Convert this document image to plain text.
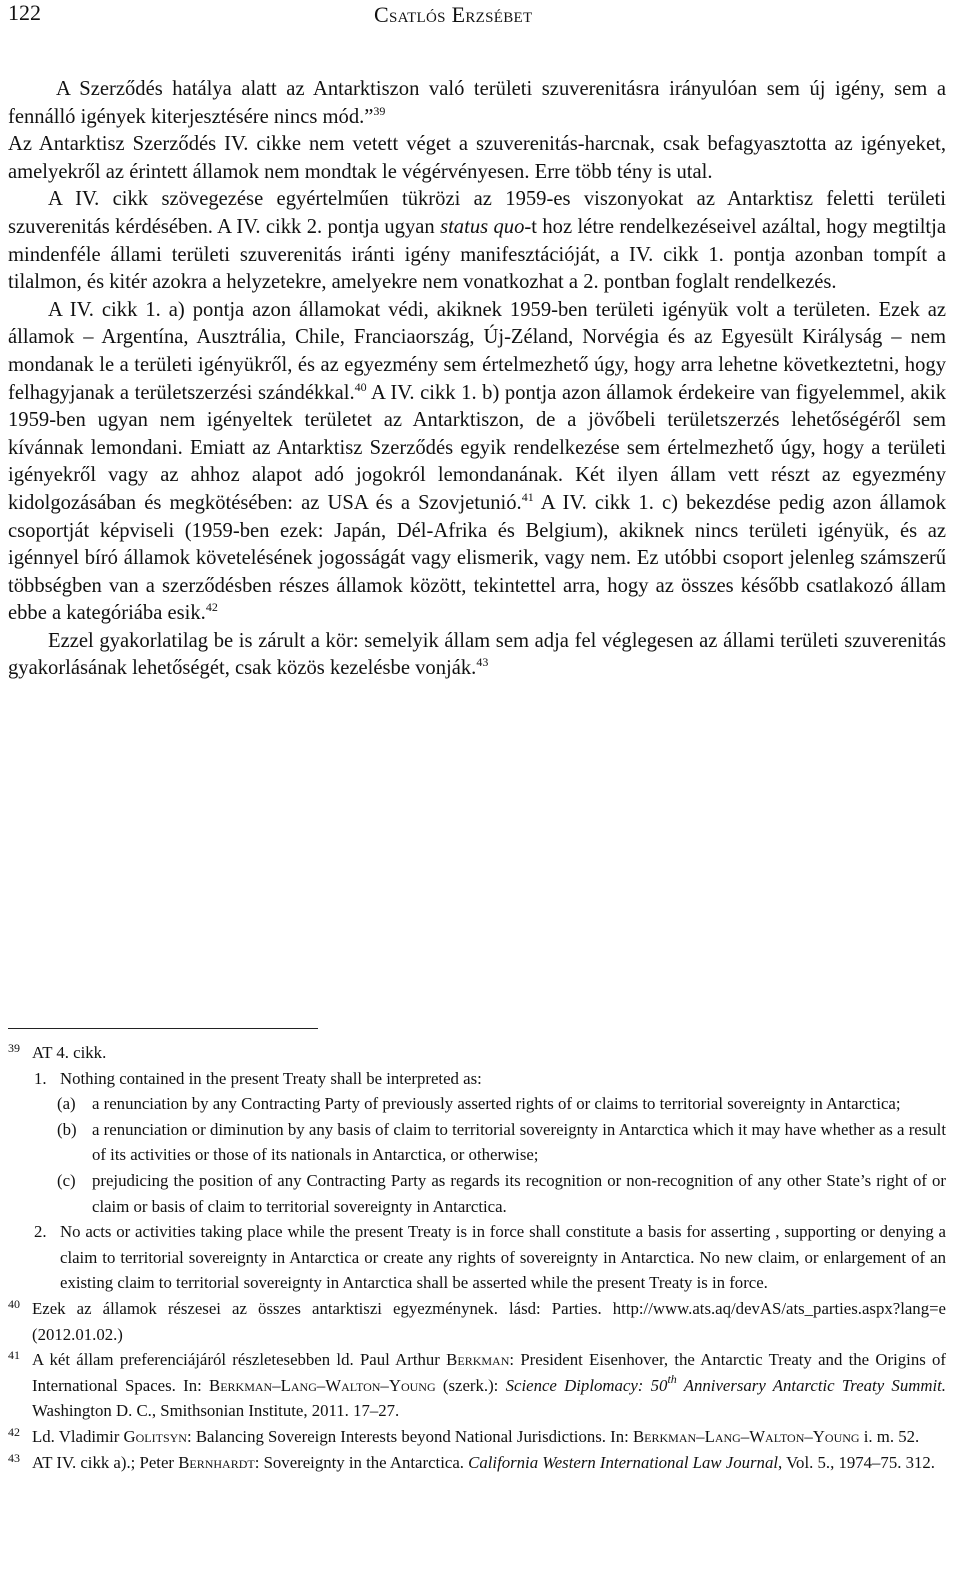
122	Csatlós Erzsébet

A Szerződés hatálya alatt az Antarktiszon való területi szuverenitásra irányulóan sem új igény, sem a fennálló igények kiterjesztésére nincs mód.”$^{39}$

Az Antarktisz Szerződés IV. cikke nem vetett véget a szuverenitás-harcnak, csak befagyasztotta az igényeket, amelyekről az érintett államok nem mondtak le végérvényesen. Erre több tény is utal.

A IV. cikk szövegezése egyértelműen tükrözi az 1959-es viszonyokat az Antarktisz feletti területi szuverenitás kérdésében. A IV. cikk 2. pontja ugyan status quo-t hoz létre rendelkezéseivel azáltal, hogy megtiltja mindenféle állami területi szuverenitás iránti igény manifesztációját, a IV. cikk 1. pontja azonban tompít a tilalmon, és kitér azokra a helyzetekre, amelyekre nem vonatkozhat a 2. pontban foglalt rendelkezés.

A IV. cikk 1. a) pontja azon államokat védi, akiknek 1959-ben területi igényük volt a területen. Ezek az államok – Argentína, Ausztrália, Chile, Franciaország, Új-Zéland, Norvégia és az Egyesült Királyság – nem mondanak le a területi igényükről, és az egyezmény sem értelmezhető úgy, hogy arra lehetne következtetni, hogy felhagyjanak a területszerzési szándékkal.$^{40}$ A IV. cikk 1. b) pontja azon államok érdekeire van figyelemmel, akik 1959-ben ugyan nem igényeltek területet az Antarktiszon, de a jövőbeli területszerzés lehetőségéről sem kívánnak lemondani. Emiatt az Antarktisz Szerződés egyik rendelkezése sem értelmezhető úgy, hogy a területi igényekről vagy az ahhoz alapot adó jogokról lemondanának. Két ilyen állam vett részt az egyezmény kidolgozásában és megkötésében: az USA és a Szovjetunió.$^{41}$ A IV. cikk 1. c) bekezdése pedig azon államok csoportját képviseli (1959-ben ezek: Japán, Dél-Afrika és Belgium), akiknek nincs területi igényük, és az igénnyel bíró államok követelésének jogosságát vagy elismerik, vagy nem. Ez utóbbi csoport jelenleg számszerű többségben van a szerződésben részes államok között, tekintettel arra, hogy az összes később csatlakozó állam ebbe a kategóriába esik.$^{42}$

Ezzel gyakorlatilag be is zárult a kör: semelyik állam sem adja fel véglegesen az állami területi szuverenitás gyakorlásának lehetőségét, csak közös kezelésbe vonják.$^{43}$

39 AT 4. cikk.
1. Nothing contained in the present Treaty shall be interpreted as:
(a) a renunciation by any Contracting Party of previously asserted rights of or claims to territorial sovereignty in Antarctica;
(b) a renunciation or diminution by any basis of claim to territorial sovereignty in Antarctica which it may have whether as a result of its activities or those of its nationals in Antarctica, or otherwise;
(c) prejudicing the position of any Contracting Party as regards its recognition or non-recognition of any other State’s right of or claim or basis of claim to territorial sovereignty in Antarctica.
2. No acts or activities taking place while the present Treaty is in force shall constitute a basis for asserting , supporting or denying a claim to territorial sovereignty in Antarctica or create any rights of sovereignty in Antarctica. No new claim, or enlargement of an existing claim to territorial sovereignty in Antarctica shall be asserted while the present Treaty is in force.
40 Ezek az államok részesei az összes antarktiszi egyezménynek. lásd: Parties. http://www.ats.aq/devAS/ats_parties.aspx?lang=e (2012.01.02.)
41 A két állam preferenciájáról részletesebben ld. Paul Arthur Berkman: President Eisenhover, the Antarctic Treaty and the Origins of International Spaces. In: Berkman–Lang–Walton–Young (szerk.): Science Diplomacy: 50th Anniversary Antarctic Treaty Summit. Washington D. C., Smithsonian Institute, 2011. 17–27.
42 Ld. Vladimir Golitsyn: Balancing Sovereign Interests beyond National Jurisdictions. In: Berkman–Lang–Walton–Young i. m. 52.
43 AT IV. cikk a).; Peter Bernhardt: Sovereignty in the Antarctica. California Western International Law Journal, Vol. 5., 1974–75. 312.
